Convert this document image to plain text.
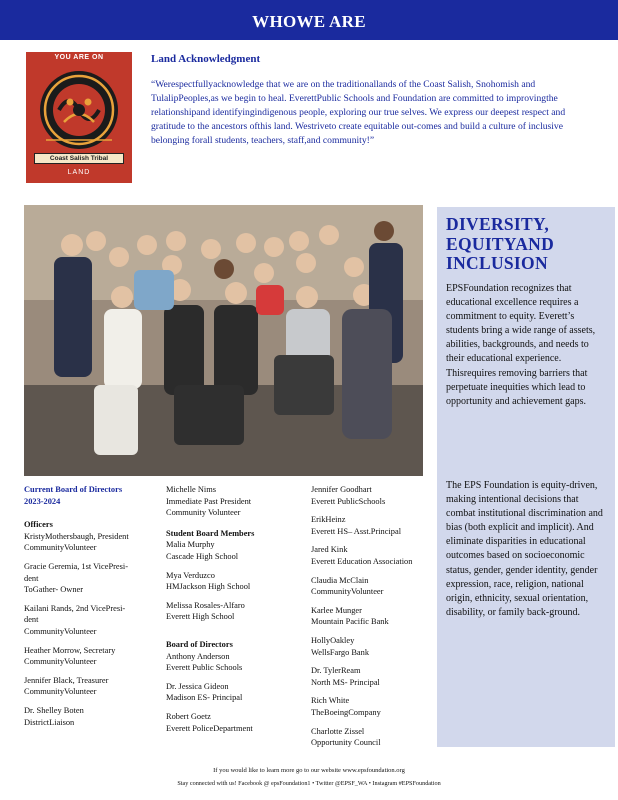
WHOWE ARE
YOU ARE ON
Coast Salish Tribal
LAND
Land Acknowledgment
“Werespectfullyacknowledge that we are on the traditionallands of the Coast Salish, Snohomish and TulalipPeoples,as we begin to heal. EverettPublic Schools and Foundation are committed to improvingthe relationshipand identifyingindigenous people, exploring our true selves. We express our deepest respect and gratitude to the ancestors ofthis land. Westriveto create equitable out-comes and build a culture of inclusive belonging forall students, teachers, staff,and community!”
DIVERSITY, EQUITYAND INCLUSION
EPSFoundation recognizes that educational excellence requires a commitment to equity. Everett’s students bring a wide range of assets, abilities, backgrounds, and needs to their educational experience. Thisrequires removing barriers that perpetuate inequities which lead to opportunity and achievement gaps.
The EPS Foundation is equity-driven, making intentional decisions that combat institutional discrimination and bias (both explicit and implicit). And eliminate disparities in educational outcomes based on socioeconomic status, gender, gender identity, gender expression, race, religion, national origin, ethnicity, sexual orientation, disability, or family back-ground.
Current Board of Directors
2023-2024
Officers
KristyMothersbaugh, President
CommunityVolunteer
Gracie Geremia, 1st VicePresi-
dent
ToGather- Owner
Kailani Rands, 2nd VicePresi-
dent
CommunityVolunteer
Heather Morrow, Secretary
CommunityVolunteer
Jennifer Black, Treasurer
CommunityVolunteer
Dr. Shelley Boten
DistrictLiaison
Michelle Nims
Immediate Past President
Community Volunteer
Student Board Members
Malia Murphy
Cascade High School
Mya Verduzco
HMJackson High School
Melissa Rosales-Alfaro
Everett High School
Board of Directors
Anthony Anderson
Everett Public Schools
Dr. Jessica Gideon
Madison ES- Principal
Robert Goetz
Everett PoliceDepartment
Jennifer Goodhart
Everett PublicSchools
ErikHeinz
Everett HS– Asst.Principal
Jared Kink
Everett Education Association
Claudia McClain
CommunityVolunteer
Karlee Munger
Mountain Pacific Bank
HollyOakley
WellsFargo Bank
Dr. TylerReam
North MS- Principal
Rich White
TheBoeingCompany
Charlotte Zissel
Opportunity Council
If you would like to learn more go to our website www.epsfoundation.org
Stay connected with us! Facebook @ epsFoundation1 • Twitter @EPSF_WA • Instagram #EPSFoundation
